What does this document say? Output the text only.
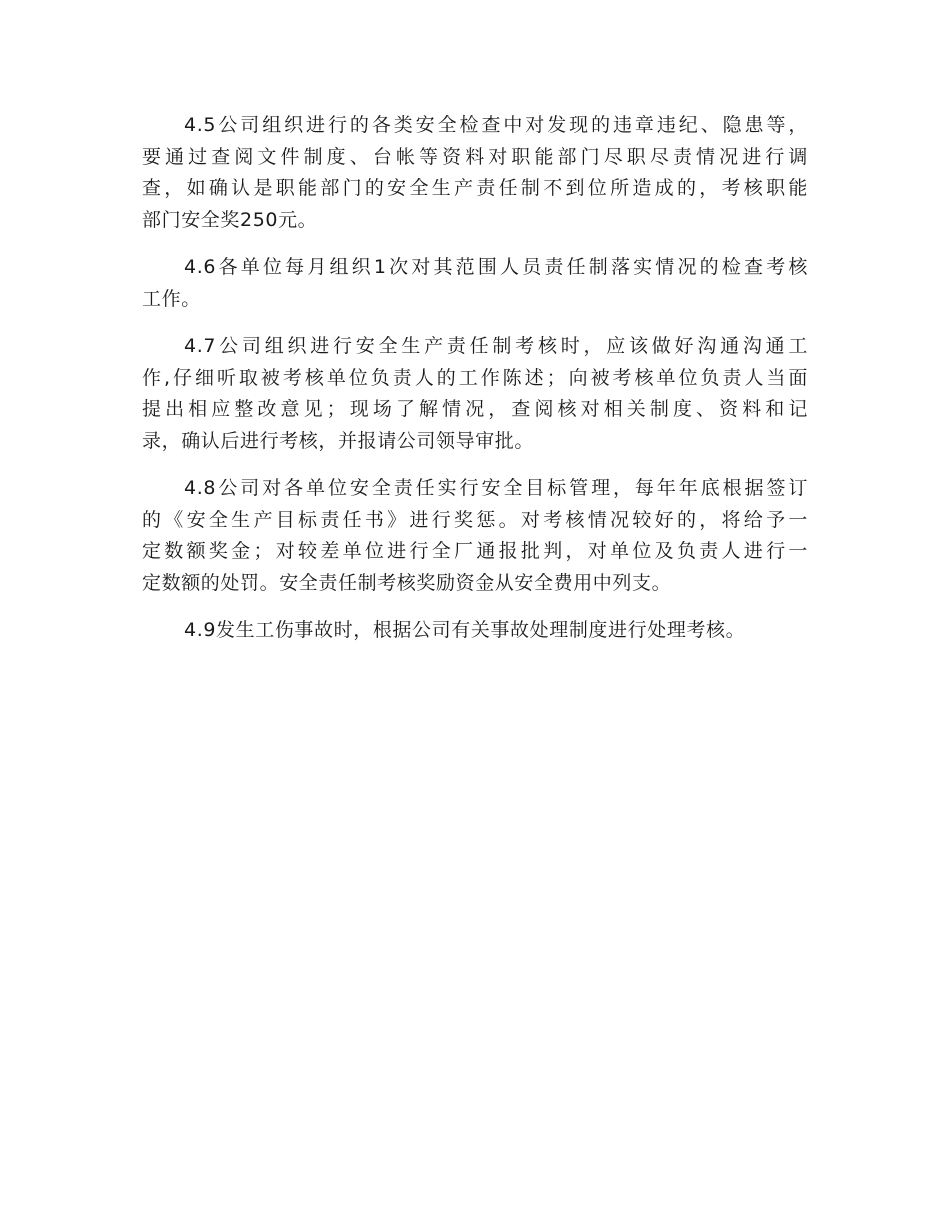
4.5公司组织进行的各类安全检查中对发现的违章违纪、隐患等，
要通过查阅文件制度、台帐等资料对职能部门尽职尽责情况进行调
查，如确认是职能部门的安全生产责任制不到位所造成的，考核职能
部门安全奖250元。
4.6各单位每月组织1次对其范围人员责任制落实情况的检查考核
工作。
4.7公司组织进行安全生产责任制考核时，应该做好沟通沟通工
作,仔细听取被考核单位负责人的工作陈述；向被考核单位负责人当面
提出相应整改意见；现场了解情况，查阅核对相关制度、资料和记
录，确认后进行考核，并报请公司领导审批。
4.8公司对各单位安全责任实行安全目标管理，每年年底根据签订
的《安全生产目标责任书》进行奖惩。对考核情况较好的，将给予一
定数额奖金；对较差单位进行全厂通报批判，对单位及负责人进行一
定数额的处罚。安全责任制考核奖励资金从安全费用中列支。
4.9发生工伤事故时，根据公司有关事故处理制度进行处理考核。
